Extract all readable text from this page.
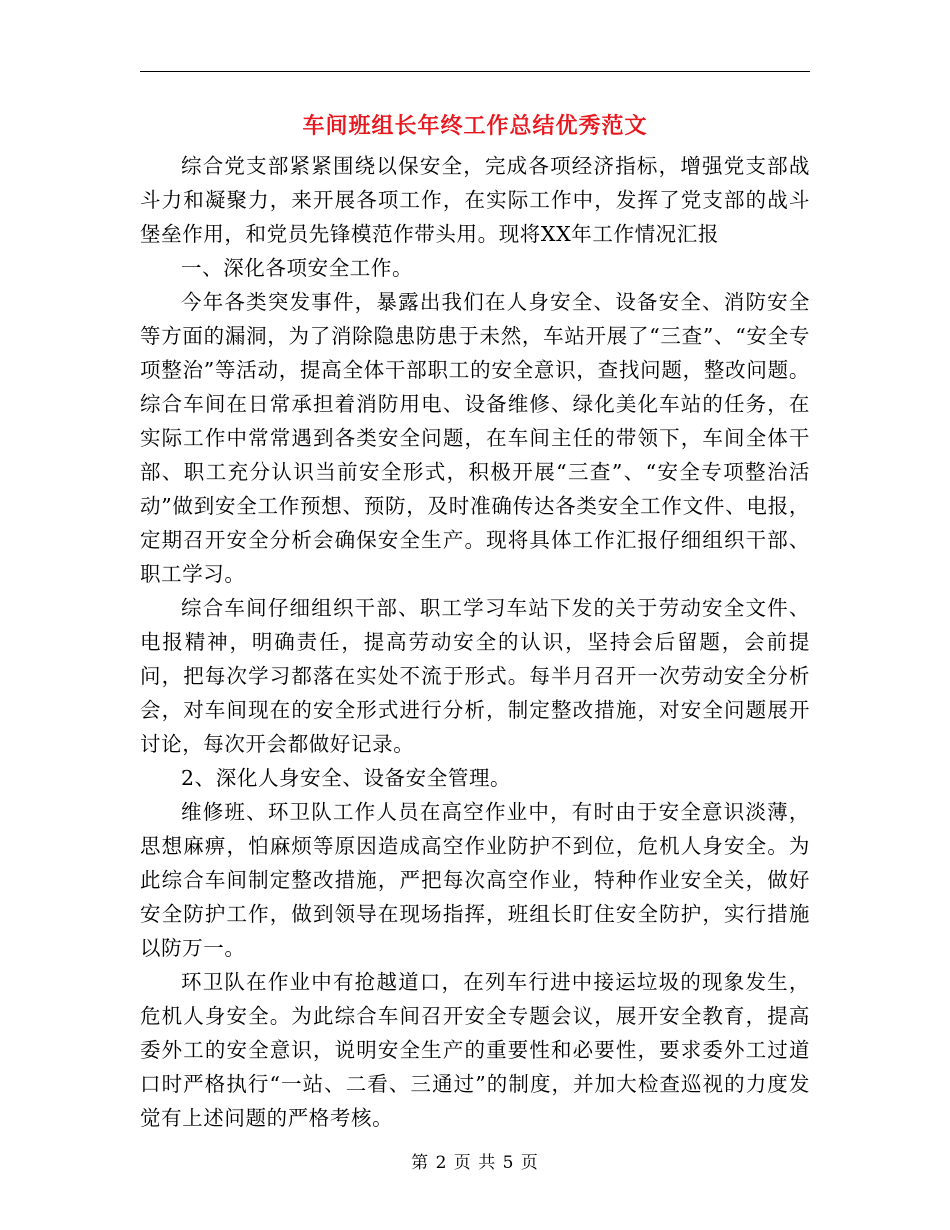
车间班组长年终工作总结优秀范文

综合党支部紧紧围绕以保安全，完成各项经济指标，增强党支部战斗力和凝聚力，来开展各项工作，在实际工作中，发挥了党支部的战斗堡垒作用，和党员先锋模范作带头用。现将XX年工作情况汇报

一、深化各项安全工作。

今年各类突发事件，暴露出我们在人身安全、设备安全、消防安全等方面的漏洞，为了消除隐患防患于未然，车站开展了“三查”、“安全专项整治”等活动，提高全体干部职工的安全意识，查找问题，整改问题。综合车间在日常承担着消防用电、设备维修、绿化美化车站的任务，在实际工作中常常遇到各类安全问题，在车间主任的带领下，车间全体干部、职工充分认识当前安全形式，积极开展“三查”、“安全专项整治活动”做到安全工作预想、预防，及时准确传达各类安全工作文件、电报，定期召开安全分析会确保安全生产。现将具体工作汇报仔细组织干部、职工学习。

综合车间仔细组织干部、职工学习车站下发的关于劳动安全文件、电报精神，明确责任，提高劳动安全的认识，坚持会后留题，会前提问，把每次学习都落在实处不流于形式。每半月召开一次劳动安全分析会，对车间现在的安全形式进行分析，制定整改措施，对安全问题展开讨论，每次开会都做好记录。

2、深化人身安全、设备安全管理。

维修班、环卫队工作人员在高空作业中，有时由于安全意识淡薄，思想麻痹，怕麻烦等原因造成高空作业防护不到位，危机人身安全。为此综合车间制定整改措施，严把每次高空作业，特种作业安全关，做好安全防护工作，做到领导在现场指挥，班组长盯住安全防护，实行措施以防万一。

环卫队在作业中有抢越道口，在列车行进中接运垃圾的现象发生，危机人身安全。为此综合车间召开安全专题会议，展开安全教育，提高委外工的安全意识，说明安全生产的重要性和必要性，要求委外工过道口时严格执行“一站、二看、三通过”的制度，并加大检查巡视的力度发觉有上述问题的严格考核。

第 2 页 共 5 页
